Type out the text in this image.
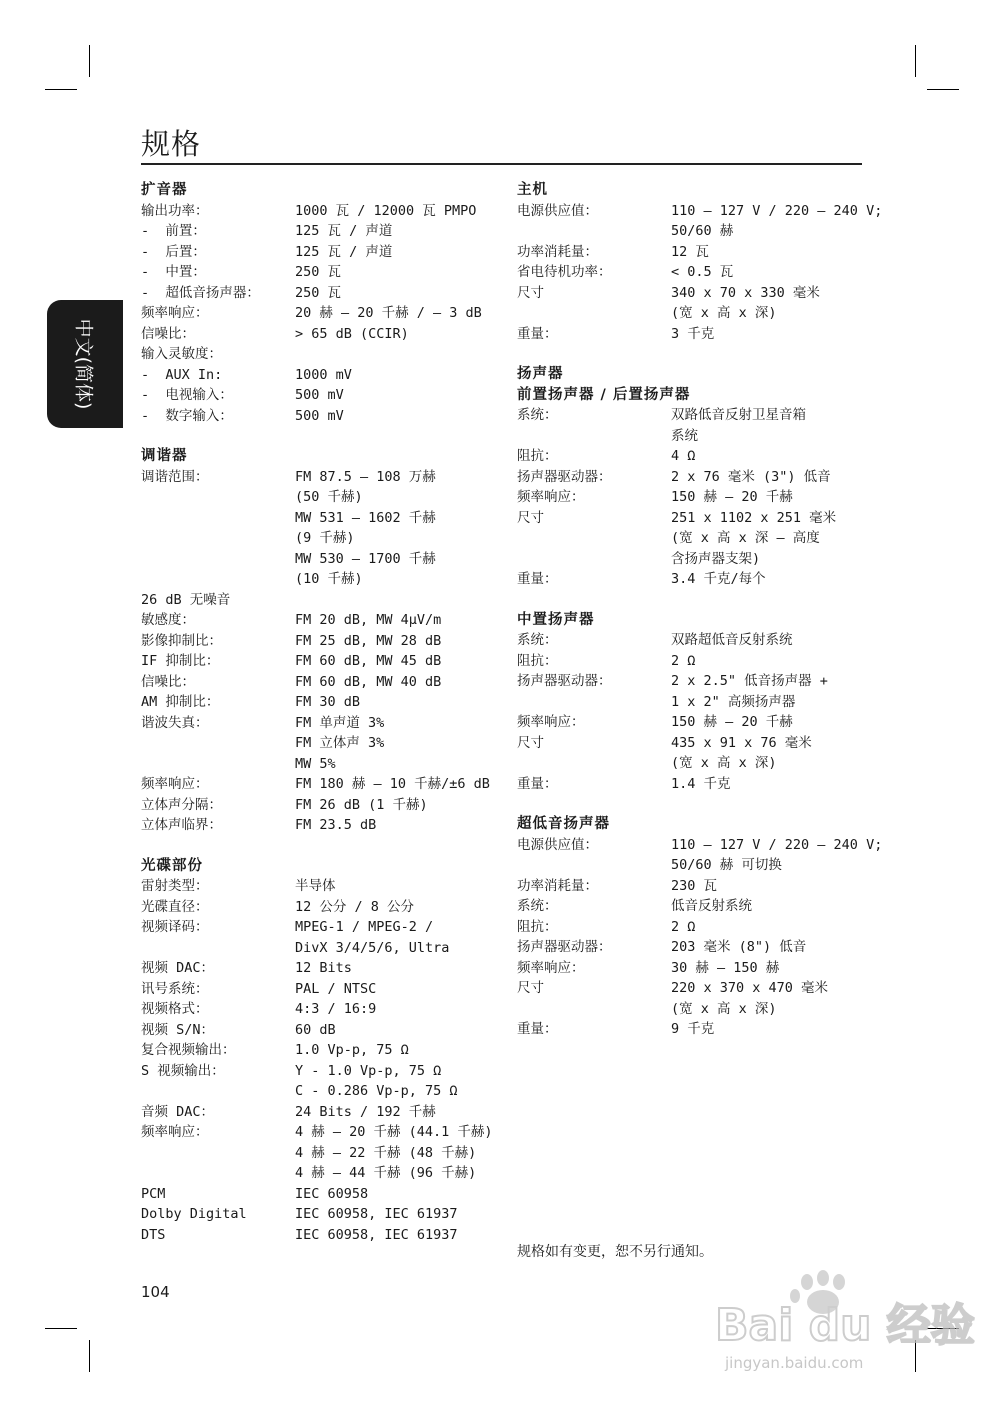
规格
中文(简体)
扩音器
输出功率：	1000 瓦 / 12000 瓦 PMPO
-  前置：	125 瓦 / 声道
-  后置：	125 瓦 / 声道
-  中置：	250 瓦
-  超低音扬声器：	250 瓦
频率响应：	20 赫 – 20 千赫 / – 3 dB
信噪比：	> 65 dB (CCIR)
输入灵敏度：
-  AUX In:	1000 mV
-  电视输入：	500 mV
-  数字输入：	500 mV
调谐器
调谐范围：	FM 87.5 – 108 万赫
(50 千赫)
MW 531 – 1602 千赫
(9 千赫)
MW 530 – 1700 千赫
(10 千赫)
26 dB 无噪音
敏感度：	FM 20 dB, MW 4µV/m
影像抑制比：	FM 25 dB, MW 28 dB
IF 抑制比：	FM 60 dB, MW 45 dB
信噪比：	FM 60 dB, MW 40 dB
AM 抑制比：	FM 30 dB
谐波失真：	FM 单声道 3%
FM 立体声 3%
MW 5%
频率响应：	FM 180 赫 – 10 千赫/±6 dB
立体声分隔：	FM 26 dB (1 千赫)
立体声临界：	FM 23.5 dB
光碟部份
雷射类型：	半导体
光碟直径：	12 公分 / 8 公分
视频译码：	MPEG-1 / MPEG-2 /
DivX 3/4/5/6, Ultra
视频 DAC：	12 Bits
讯号系统：	PAL / NTSC
视频格式：	4:3 / 16:9
视频 S/N：	60 dB
复合视频输出：	1.0 Vp-p, 75 Ω
S 视频输出：	Y - 1.0 Vp-p, 75 Ω
C - 0.286 Vp-p, 75 Ω
音频 DAC：	24 Bits / 192 千赫
频率响应：	4 赫 – 20 千赫 (44.1 千赫)
4 赫 – 22 千赫 (48 千赫)
4 赫 – 44 千赫 (96 千赫)
PCM	IEC 60958
Dolby Digital	IEC 60958, IEC 61937
DTS	IEC 60958, IEC 61937
主机
电源供应值：	110 – 127 V / 220 – 240 V;
50/60 赫
功率消耗量：	12 瓦
省电待机功率：	< 0.5 瓦
尺寸	340 x 70 x 330 毫米
(宽 x 高 x 深)
重量：	3 千克
扬声器
前置扬声器 / 后置扬声器
系统：	双路低音反射卫星音箱
系统
阻抗：	4 Ω
扬声器驱动器：	2 x 76 毫米 (3") 低音
频率响应：	150 赫 – 20 千赫
尺寸	251 x 1102 x 251 毫米
(宽 x 高 x 深 – 高度
含扬声器支架)
重量：	3.4 千克/每个
中置扬声器
系统：	双路超低音反射系统
阻抗：	2 Ω
扬声器驱动器：	2 x 2.5" 低音扬声器 +
1 x 2" 高频扬声器
频率响应：	150 赫 – 20 千赫
尺寸	435 x 91 x 76 毫米
(宽 x 高 x 深)
重量：	1.4 千克
超低音扬声器
电源供应值：	110 – 127 V / 220 – 240 V;
50/60 赫 可切换
功率消耗量：	230 瓦
系统：	低音反射系统
阻抗：	2 Ω
扬声器驱动器：	203 毫米 (8") 低音
频率响应：	30 赫 – 150 赫
尺寸	220 x 370 x 470 毫米
(宽 x 高 x 深)
重量：	9 千克
规格如有变更，恕不另行通知。
104
Bai du 经验
jingyan.baidu.com
